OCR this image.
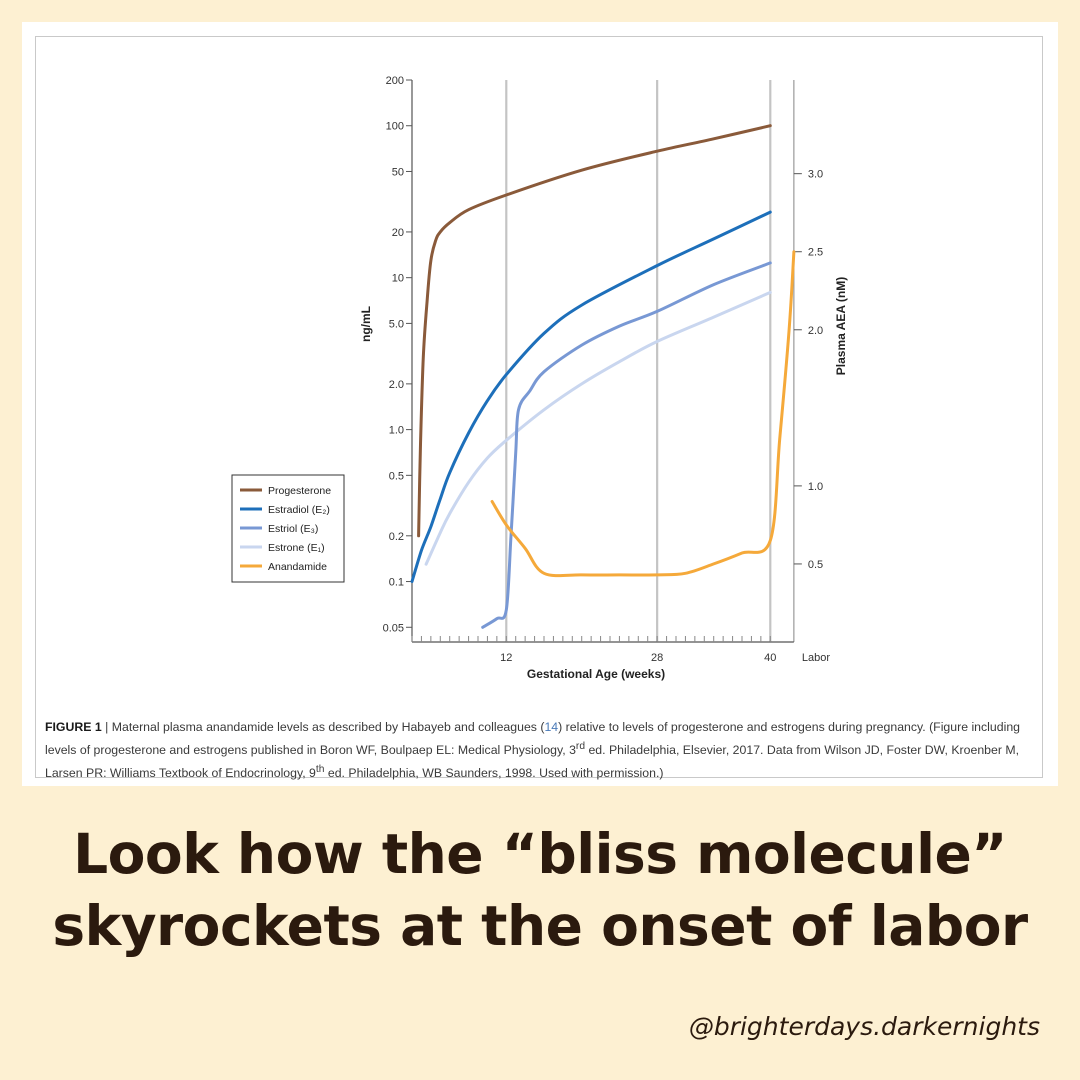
200
100
50
20
10
5.0
2.0
1.0
0.5
0.2
0.1
0.05
3.0
2.5
2.0
1.0
0.5
12	28	40 Labor
Progesterone
Estradiol (E₂)
Estriol (E₃)
Estrone (E₁)
Anandamide
ng/mL	Plasma AEA (nM)
Gestational Age (weeks)
FIGURE 1 | Maternal plasma anandamide levels as described by Habayeb and colleagues (14) relative to levels of progesterone and estrogens during pregnancy. (Figure including levels of progesterone and estrogens published in Boron WF, Boulpaep EL: Medical Physiology, 3rd ed. Philadelphia, Elsevier, 2017. Data from Wilson JD, Foster DW, Kroenber M, Larsen PR: Williams Textbook of Endocrinology, 9th ed. Philadelphia, WB Saunders, 1998. Used with permission.)
Look how the “bliss molecule”
skyrockets at the onset of labor
@brighterdays.darkernights
